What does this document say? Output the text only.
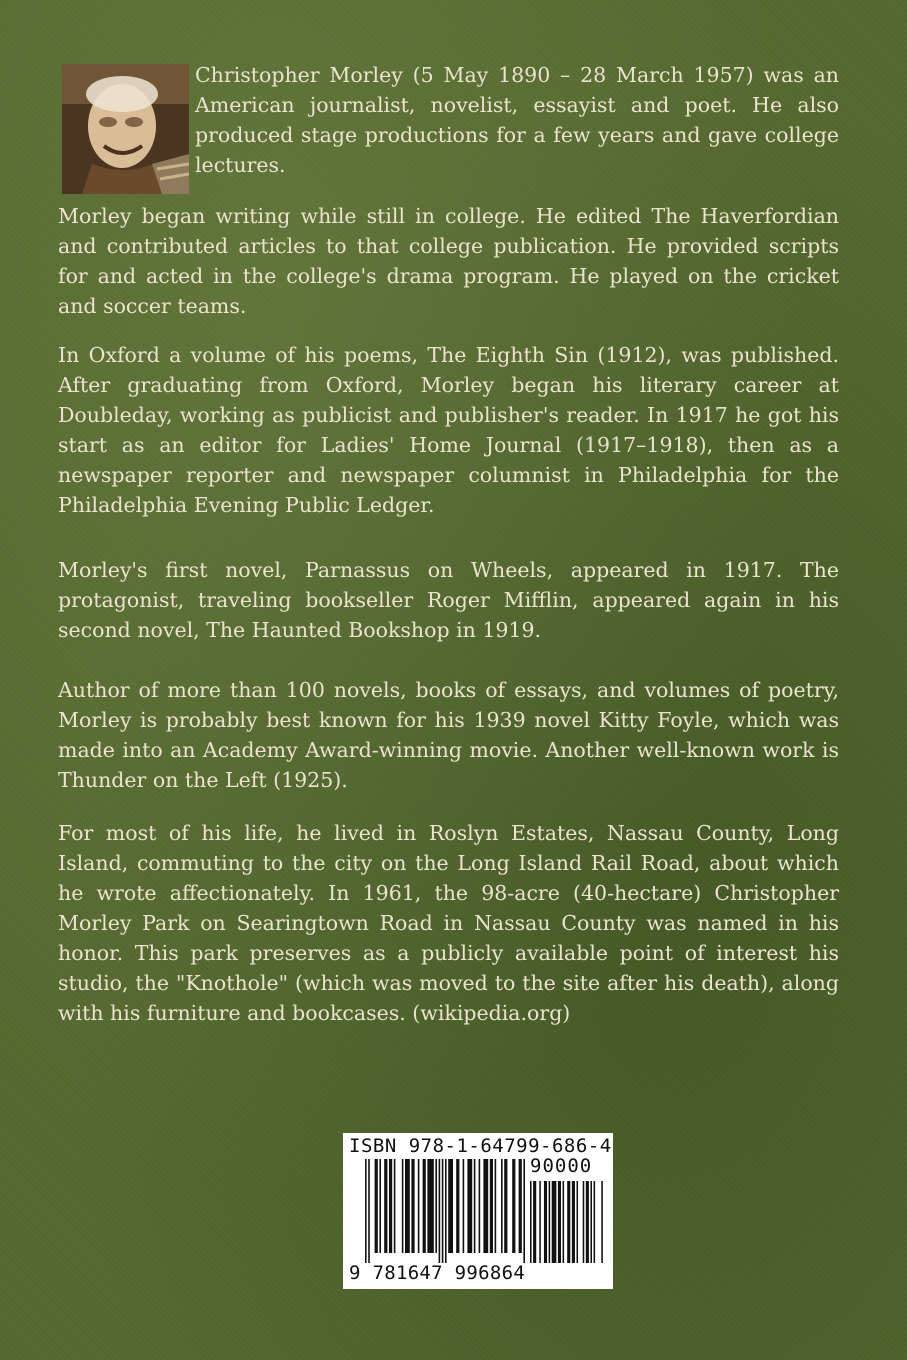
Christopher Morley (5 May 1890 – 28 March 1957) was an American journalist, novelist, essayist and poet. He also produced stage productions for a few years and gave college lectures.

Morley began writing while still in college. He edited The Haverfordian and contributed articles to that college publication. He provided scripts for and acted in the college's drama program. He played on the cricket and soccer teams.

In Oxford a volume of his poems, The Eighth Sin (1912), was published. After graduating from Oxford, Morley began his literary career at Doubleday, working as publicist and publisher's reader. In 1917 he got his start as an editor for Ladies' Home Journal (1917–1918), then as a newspaper reporter and newspaper columnist in Philadelphia for the Philadelphia Evening Public Ledger.

Morley's first novel, Parnassus on Wheels, appeared in 1917. The protagonist, traveling bookseller Roger Mifflin, appeared again in his second novel, The Haunted Bookshop in 1919.

Author of more than 100 novels, books of essays, and volumes of poetry, Morley is probably best known for his 1939 novel Kitty Foyle, which was made into an Academy Award-winning movie. Another well-known work is Thunder on the Left (1925).

For most of his life, he lived in Roslyn Estates, Nassau County, Long Island, commuting to the city on the Long Island Rail Road, about which he wrote affectionately. In 1961, the 98-acre (40-hectare) Christopher Morley Park on Searingtown Road in Nassau County was named in his honor. This park preserves as a publicly available point of interest his studio, the "Knothole" (which was moved to the site after his death), along with his furniture and bookcases. (wikipedia.org)

ISBN 978-1-64799-686-4
90000
9 781647 996864
